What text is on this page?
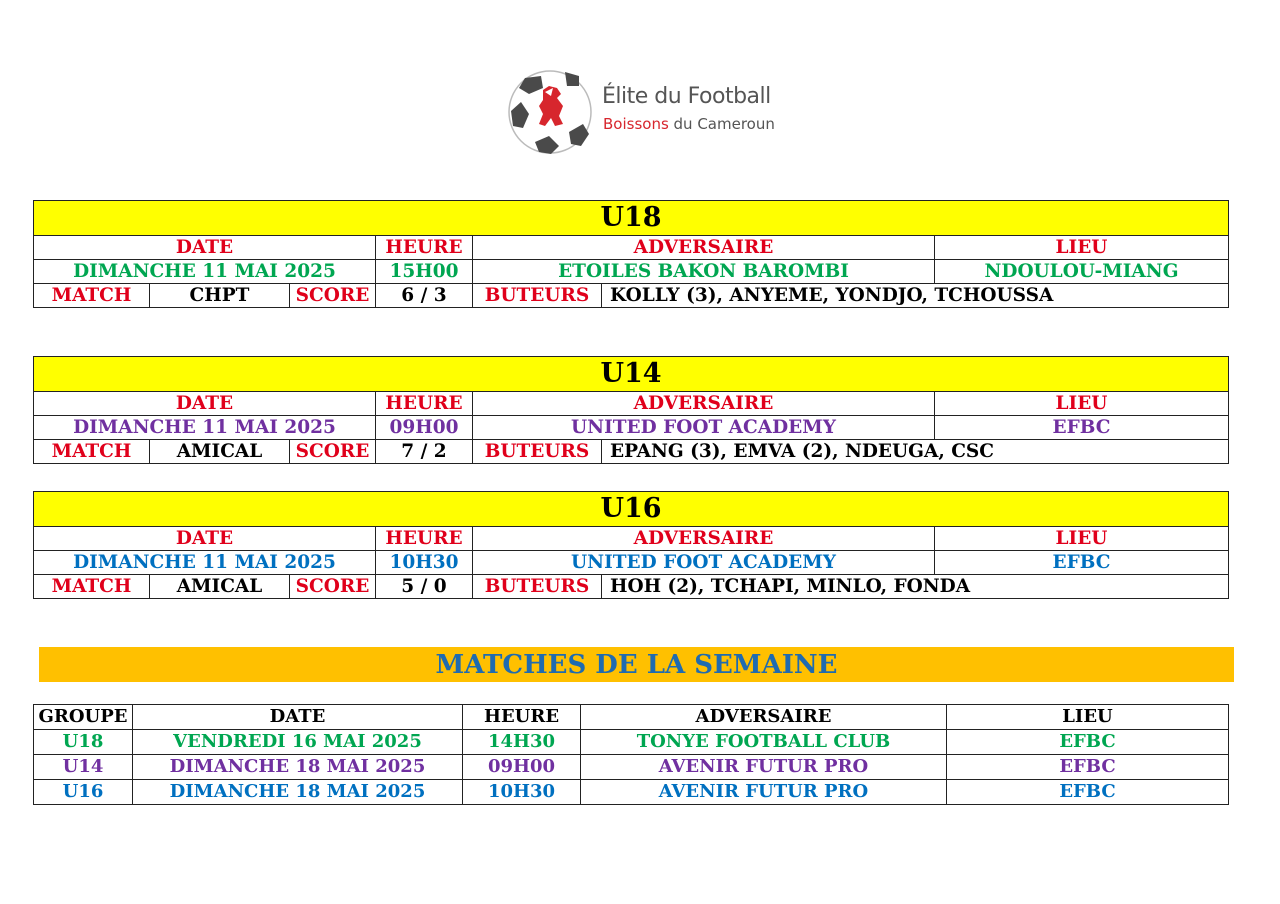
Élite du Football
Boissons du Cameroun
U18						
DATE			HEURE	ADVERSAIRE		LIEU
DIMANCHE 11 MAI 2025			15H00	ETOILES BAKON BAROMBI		NDOULOU-MIANG
MATCH	CHPT	SCORE	6 / 3	BUTEURS	KOLLY (3), ANYEME, YONDJO, TCHOUSSA	
U14						
DATE			HEURE	ADVERSAIRE		LIEU
DIMANCHE 11 MAI 2025			09H00	UNITED FOOT ACADEMY		EFBC
MATCH	AMICAL	SCORE	7 / 2	BUTEURS	EPANG (3), EMVA (2), NDEUGA, CSC	
U16						
DATE			HEURE	ADVERSAIRE		LIEU
DIMANCHE 11 MAI 2025			10H30	UNITED FOOT ACADEMY		EFBC
MATCH	AMICAL	SCORE	5 / 0	BUTEURS	HOH (2), TCHAPI, MINLO, FONDA	
MATCHES DE LA SEMAINE
GROUPE	DATE	HEURE	ADVERSAIRE	LIEU
U18	VENDREDI 16 MAI 2025	14H30	TONYE FOOTBALL CLUB	EFBC
U14	DIMANCHE 18 MAI 2025	09H00	AVENIR FUTUR PRO	EFBC
U16	DIMANCHE 18 MAI 2025	10H30	AVENIR FUTUR PRO	EFBC
